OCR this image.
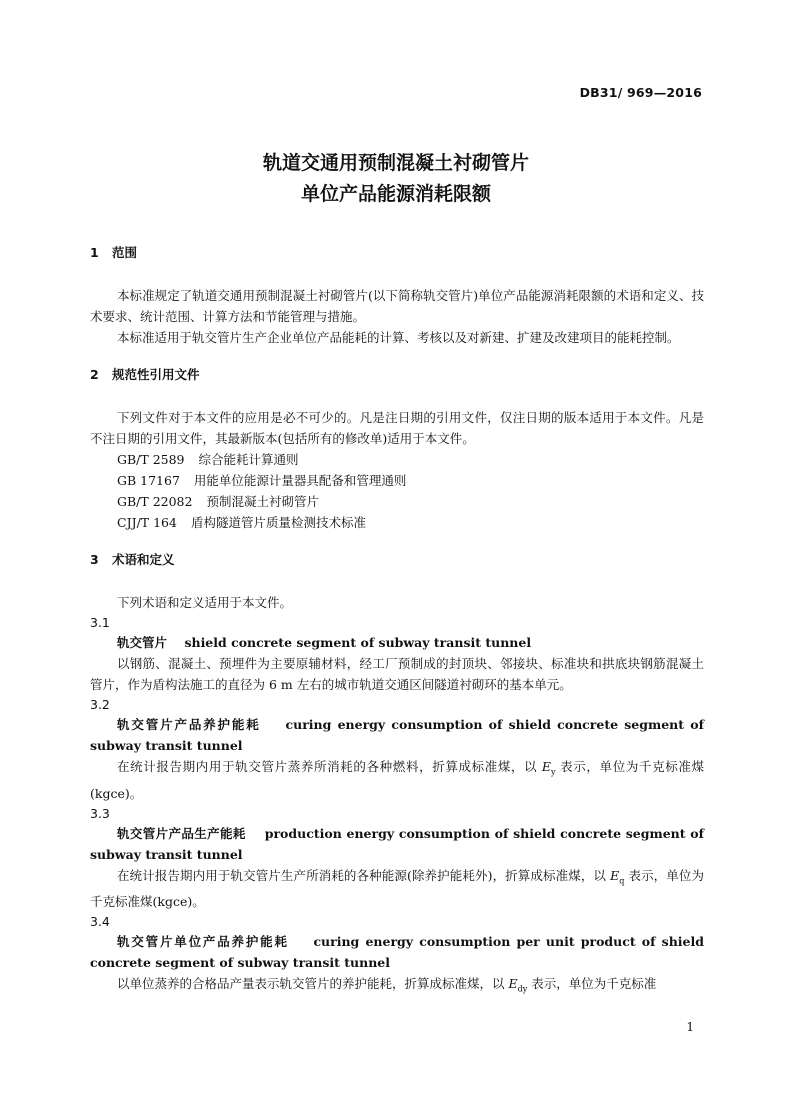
DB31/ 969—2016
轨道交通用预制混凝土衬砌管片
单位产品能源消耗限额
1 范围
本标准规定了轨道交通用预制混凝土衬砌管片(以下简称轨交管片)单位产品能源消耗限额的术语和定义、技术要求、统计范围、计算方法和节能管理与措施。
本标准适用于轨交管片生产企业单位产品能耗的计算、考核以及对新建、扩建及改建项目的能耗控制。
2 规范性引用文件
下列文件对于本文件的应用是必不可少的。凡是注日期的引用文件，仅注日期的版本适用于本文件。凡是不注日期的引用文件，其最新版本(包括所有的修改单)适用于本文件。
GB/T 2589 综合能耗计算通则
GB 17167 用能单位能源计量器具配备和管理通则
GB/T 22082 预制混凝土衬砌管片
CJJ/T 164 盾构隧道管片质量检测技术标准
3 术语和定义
下列术语和定义适用于本文件。
3.1
轨交管片 shield concrete segment of subway transit tunnel
以钢筋、混凝土、预埋件为主要原辅材料，经工厂预制成的封顶块、邻接块、标准块和拱底块钢筋混凝土管片，作为盾构法施工的直径为 6 m 左右的城市轨道交通区间隧道衬砌环的基本单元。
3.2
轨交管片产品养护能耗 curing energy consumption of shield concrete segment of subway transit tunnel
在统计报告期内用于轨交管片蒸养所消耗的各种燃料，折算成标准煤，以 $E_y$ 表示，单位为千克标准煤(kgce)。
3.3
轨交管片产品生产能耗 production energy consumption of shield concrete segment of subway transit tunnel
在统计报告期内用于轨交管片生产所消耗的各种能源(除养护能耗外)，折算成标准煤，以 $E_q$ 表示，单位为千克标准煤(kgce)。
3.4
轨交管片单位产品养护能耗 curing energy consumption per unit product of shield concrete segment of subway transit tunnel
以单位蒸养的合格品产量表示轨交管片的养护能耗，折算成标准煤，以 $E_{dy}$ 表示，单位为千克标准
1
